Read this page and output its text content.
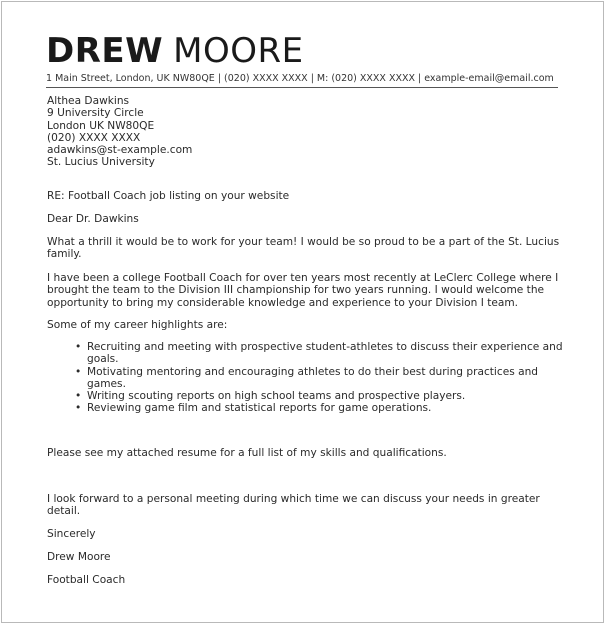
DREW MOORE
1 Main Street, London, UK NW80QE | (020) XXXX XXXX | M: (020) XXXX XXXX | example-email@email.com
Althea Dawkins
9 University Circle
London UK NW80QE
(020) XXXX XXXX
adawkins@st-example.com
St. Lucius University
RE: Football Coach job listing on your website
Dear Dr. Dawkins
What a thrill it would be to work for your team! I would be so proud to be a part of the St. Lucius family.
I have been a college Football Coach for over ten years most recently at LeClerc College where I brought the team to the Division III championship for two years running. I would welcome the opportunity to bring my considerable knowledge and experience to your Division I team.
Some of my career highlights are:
• Recruiting and meeting with prospective student-athletes to discuss their experience and goals.
• Motivating mentoring and encouraging athletes to do their best during practices and games.
• Writing scouting reports on high school teams and prospective players.
• Reviewing game film and statistical reports for game operations.
Please see my attached resume for a full list of my skills and qualifications.
I look forward to a personal meeting during which time we can discuss your needs in greater detail.
Sincerely
Drew Moore
Football Coach
